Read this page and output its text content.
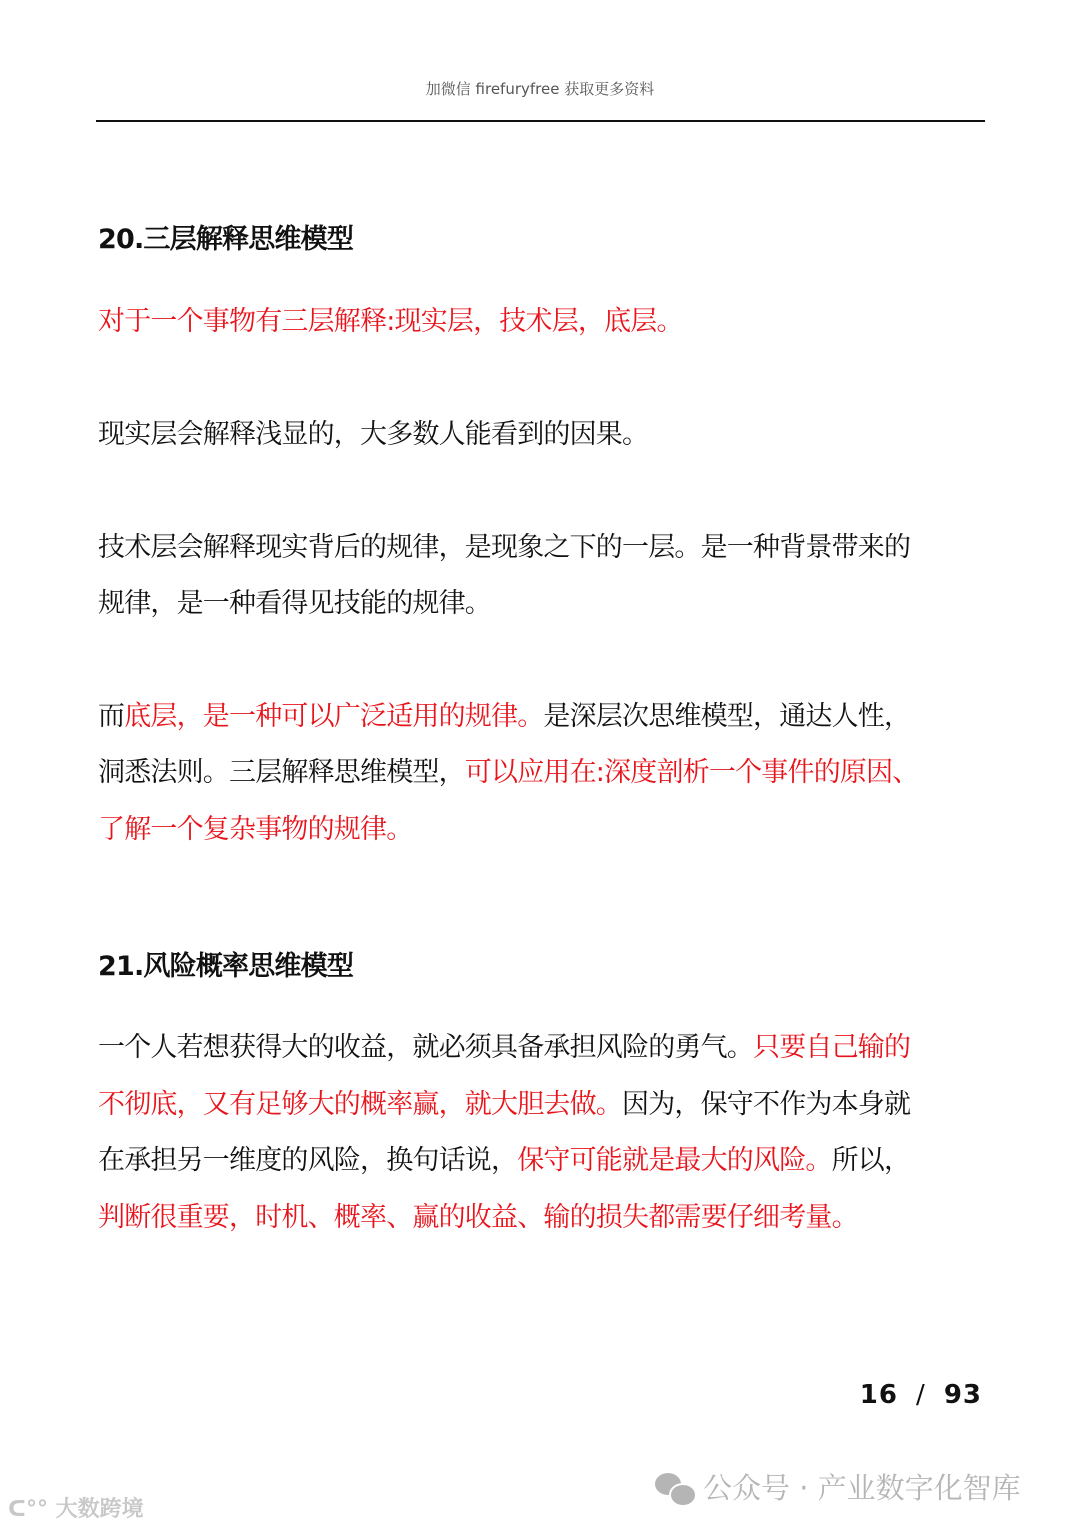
加微信 firefuryfree 获取更多资料
20.三层解释思维模型
对于一个事物有三层解释:现实层，技术层，底层。
现实层会解释浅显的，大多数人能看到的因果。
技术层会解释现实背后的规律，是现象之下的一层。是一种背景带来的
规律，是一种看得见技能的规律。
而底层，是一种可以广泛适用的规律。是深层次思维模型，通达人性，
洞悉法则。三层解释思维模型，可以应用在:深度剖析一个事件的原因、
了解一个复杂事物的规律。
21.风险概率思维模型
一个人若想获得大的收益，就必须具备承担风险的勇气。只要自己输的
不彻底，又有足够大的概率赢，就大胆去做。因为，保守不作为本身就
在承担另一维度的风险，换句话说，保守可能就是最大的风险。所以，
判断很重要，时机、概率、赢的收益、输的损失都需要仔细考量。
16 / 93
公众号 · 产业数字化智库
ᑕ°° 大数跨境
